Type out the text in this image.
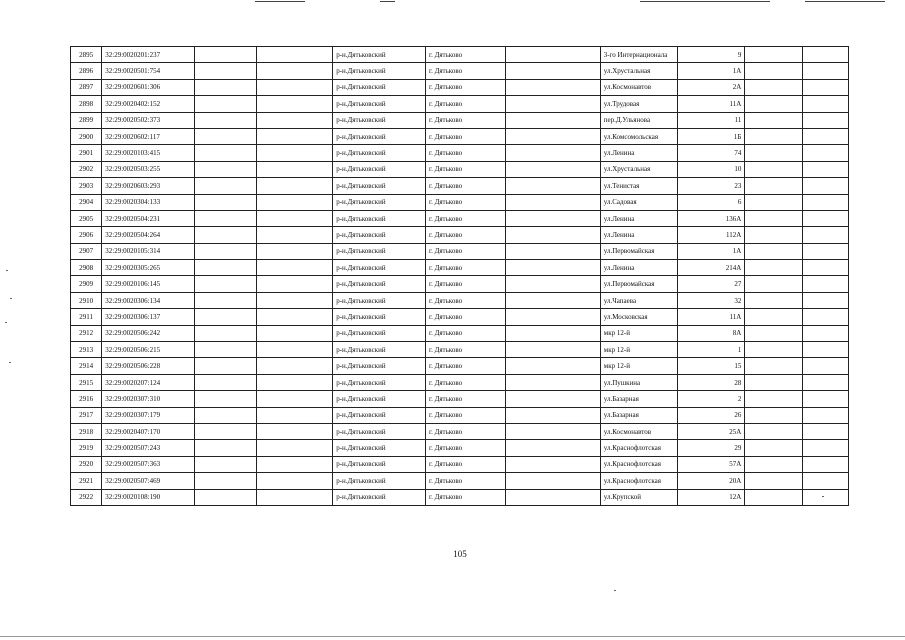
2895	32:29:0020201:237			р-н.Дятьковский	г. Дятьково		3-го Интернационала	9		
2896	32:29:0020501:754			р-н.Дятьковский	г. Дятьково		ул.Хрустальная	1А		
2897	32:29:0020601:306			р-н.Дятьковский	г. Дятьково		ул.Космонавтов	2А		
2898	32:29:0020402:152			р-н.Дятьковский	г. Дятьково		ул.Трудовая	11А		
2899	32:29:0020502:373			р-н.Дятьковский	г. Дятьково		пер.Д.Ульянова	11		
2900	32:29:0020602:117			р-н.Дятьковский	г. Дятьково		ул.Комсомольская	1Б		
2901	32:29:0020103:415			р-н.Дятьковский	г. Дятьково		ул.Ленина	74		
2902	32:29:0020503:255			р-н.Дятьковский	г. Дятьково		ул.Хрустальная	10		
2903	32:29:0020603:293			р-н.Дятьковский	г. Дятьково		ул.Тенистая	23		
2904	32:29:0020304:133			р-н.Дятьковский	г. Дятьково		ул.Садовая	6		
2905	32:29:0020504:231			р-н.Дятьковский	г. Дятьково		ул.Ленина	136А		
2906	32:29:0020504:264			р-н.Дятьковский	г. Дятьково		ул.Ленина	112А		
2907	32:29:0020105:314			р-н.Дятьковский	г. Дятьково		ул.Первомайская	1А		
2908	32:29:0020305:265			р-н.Дятьковский	г. Дятьково		ул.Ленина	214А		
2909	32:29:0020106:145			р-н.Дятьковский	г. Дятьково		ул.Первомайская	27		
2910	32:29:0020306:134			р-н.Дятьковский	г. Дятьково		ул.Чапаева	32		
2911	32:29:0020306:137			р-н.Дятьковский	г. Дятьково		ул.Московская	11А		
2912	32:29:0020506:242			р-н.Дятьковский	г. Дятьково		мкр 12-й	8А		
2913	32:29:0020506:215			р-н.Дятьковский	г. Дятьково		мкр 12-й	1		
2914	32:29:0020506:228			р-н.Дятьковский	г. Дятьково		мкр 12-й	15		
2915	32:29:0020207:124			р-н.Дятьковский	г. Дятьково		ул.Пушкина	28		
2916	32:29:0020307:310			р-н.Дятьковский	г. Дятьково		ул.Базарная	2		
2917	32:29:0020307:179			р-н.Дятьковский	г. Дятьково		ул.Базарная	26		
2918	32:29:0020407:170			р-н.Дятьковский	г. Дятьково		ул.Космонавтов	25А		
2919	32:29:0020507:243			р-н.Дятьковский	г. Дятьково		ул.Краснофлотская	29		
2920	32:29:0020507:363			р-н.Дятьковский	г. Дятьково		ул.Краснофлотская	57А		
2921	32:29:0020507:469			р-н.Дятьковский	г. Дятьково		ул.Краснофлотская	20А		
2922	32:29:0020108:190			р-н.Дятьковский	г. Дятьково		ул.Крупской	12А		
105
